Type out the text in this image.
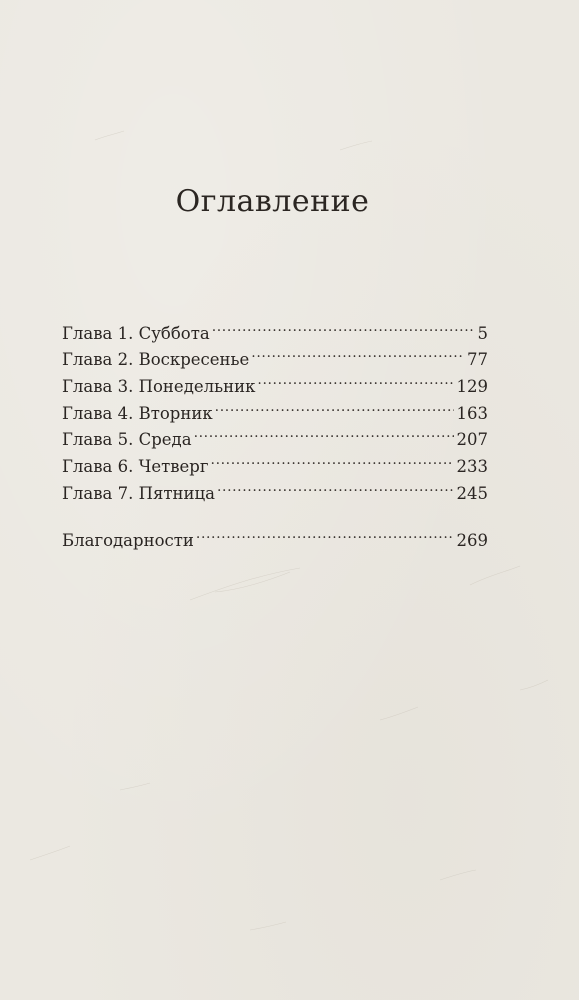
Оглавление
Глава 1. Суббота .....	5
Глава 2. Воскресенье .....	77
Глава 3. Понедельник .....	129
Глава 4. Вторник .....	163
Глава 5. Среда .....	207
Глава 6. Четверг .....	233
Глава 7. Пятница .....	245
Благодарности .....	269
